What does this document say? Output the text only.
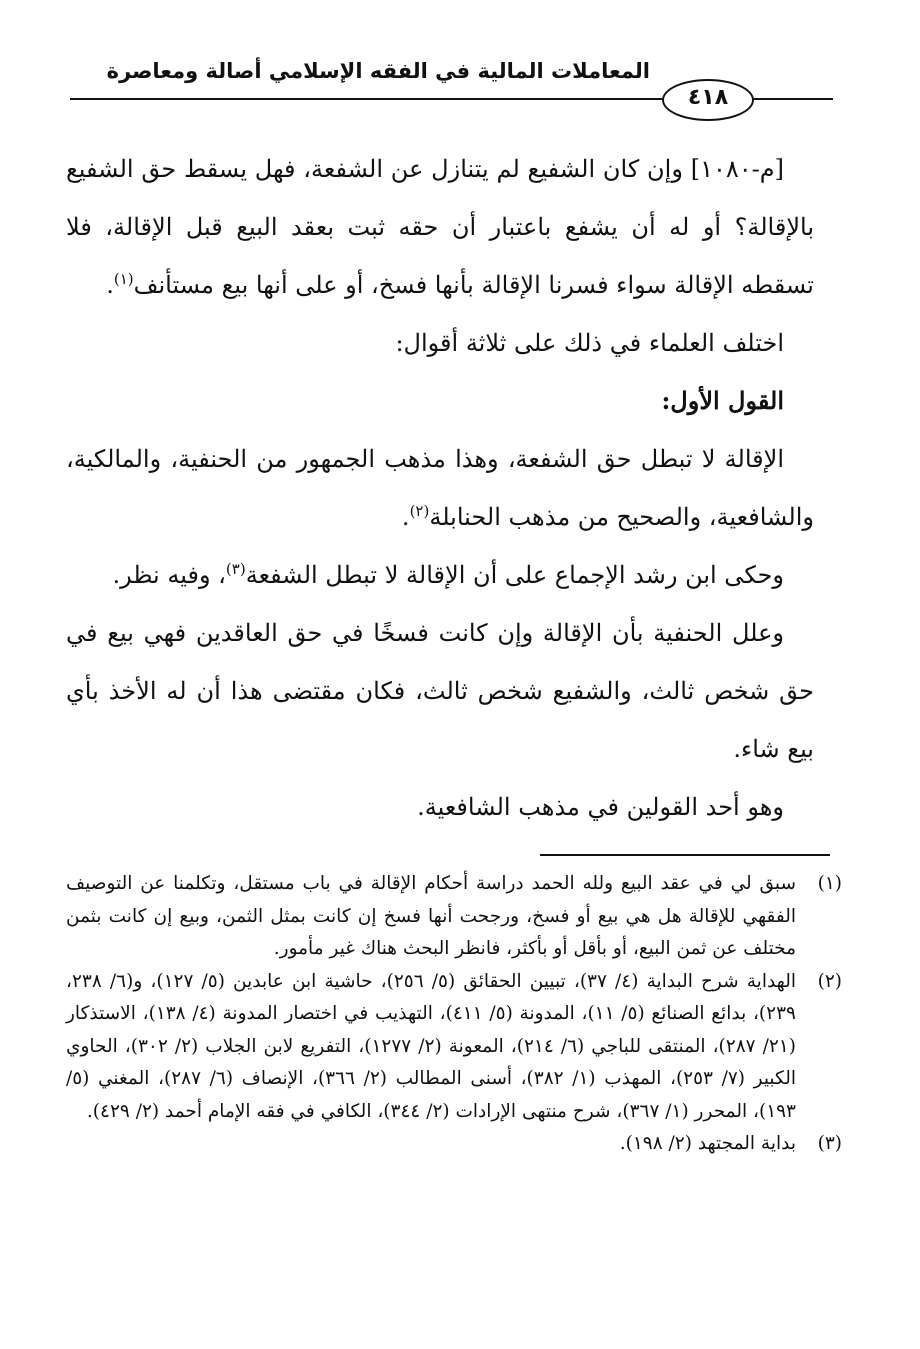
المعاملات المالية في الفقه الإسلامي أصالة ومعاصرة
٤١٨

[م-١٠٨٠] وإن كان الشفيع لم يتنازل عن الشفعة، فهل يسقط حق الشفيع بالإقالة؟ أو له أن يشفع باعتبار أن حقه ثبت بعقد البيع قبل الإقالة، فلا تسقطه الإقالة سواء فسرنا الإقالة بأنها فسخ، أو على أنها بيع مستأنف$^{(١)}$.

اختلف العلماء في ذلك على ثلاثة أقوال:

القول الأول:

الإقالة لا تبطل حق الشفعة، وهذا مذهب الجمهور من الحنفية، والمالكية، والشافعية، والصحيح من مذهب الحنابلة$^{(٢)}$.

وحكى ابن رشد الإجماع على أن الإقالة لا تبطل الشفعة$^{(٣)}$، وفيه نظر.

وعلل الحنفية بأن الإقالة وإن كانت فسخًا في حق العاقدين فهي بيع في حق شخص ثالث، والشفيع شخص ثالث، فكان مقتضى هذا أن له الأخذ بأي بيع شاء.

وهو أحد القولين في مذهب الشافعية.

(١)
سبق لي في عقد البيع ولله الحمد دراسة أحكام الإقالة في باب مستقل، وتكلمنا عن التوصيف الفقهي للإقالة هل هي بيع أو فسخ، ورجحت أنها فسخ إن كانت بمثل الثمن، وبيع إن كانت بثمن مختلف عن ثمن البيع، أو بأقل أو بأكثر، فانظر البحث هناك غير مأمور.

(٢)
الهداية شرح البداية (٤/ ٣٧)، تبيين الحقائق (٥/ ٢٥٦)، حاشية ابن عابدين (٥/ ١٢٧)، و(٦/ ٢٣٨، ٢٣٩)، بدائع الصنائع (٥/ ١١)، المدونة (٥/ ٤١١)، التهذيب في اختصار المدونة (٤/ ١٣٨)، الاستذكار (٢١/ ٢٨٧)، المنتقى للباجي (٦/ ٢١٤)، المعونة (٢/ ١٢٧٧)، التفريع لابن الجلاب (٢/ ٣٠٢)، الحاوي الكبير (٧/ ٢٥٣)، المهذب (١/ ٣٨٢)، أسنى المطالب (٢/ ٣٦٦)، الإنصاف (٦/ ٢٨٧)، المغني (٥/ ١٩٣)، المحرر (١/ ٣٦٧)، شرح منتهى الإرادات (٢/ ٣٤٤)، الكافي في فقه الإمام أحمد (٢/ ٤٢٩).

(٣)
بداية المجتهد (٢/ ١٩٨).
